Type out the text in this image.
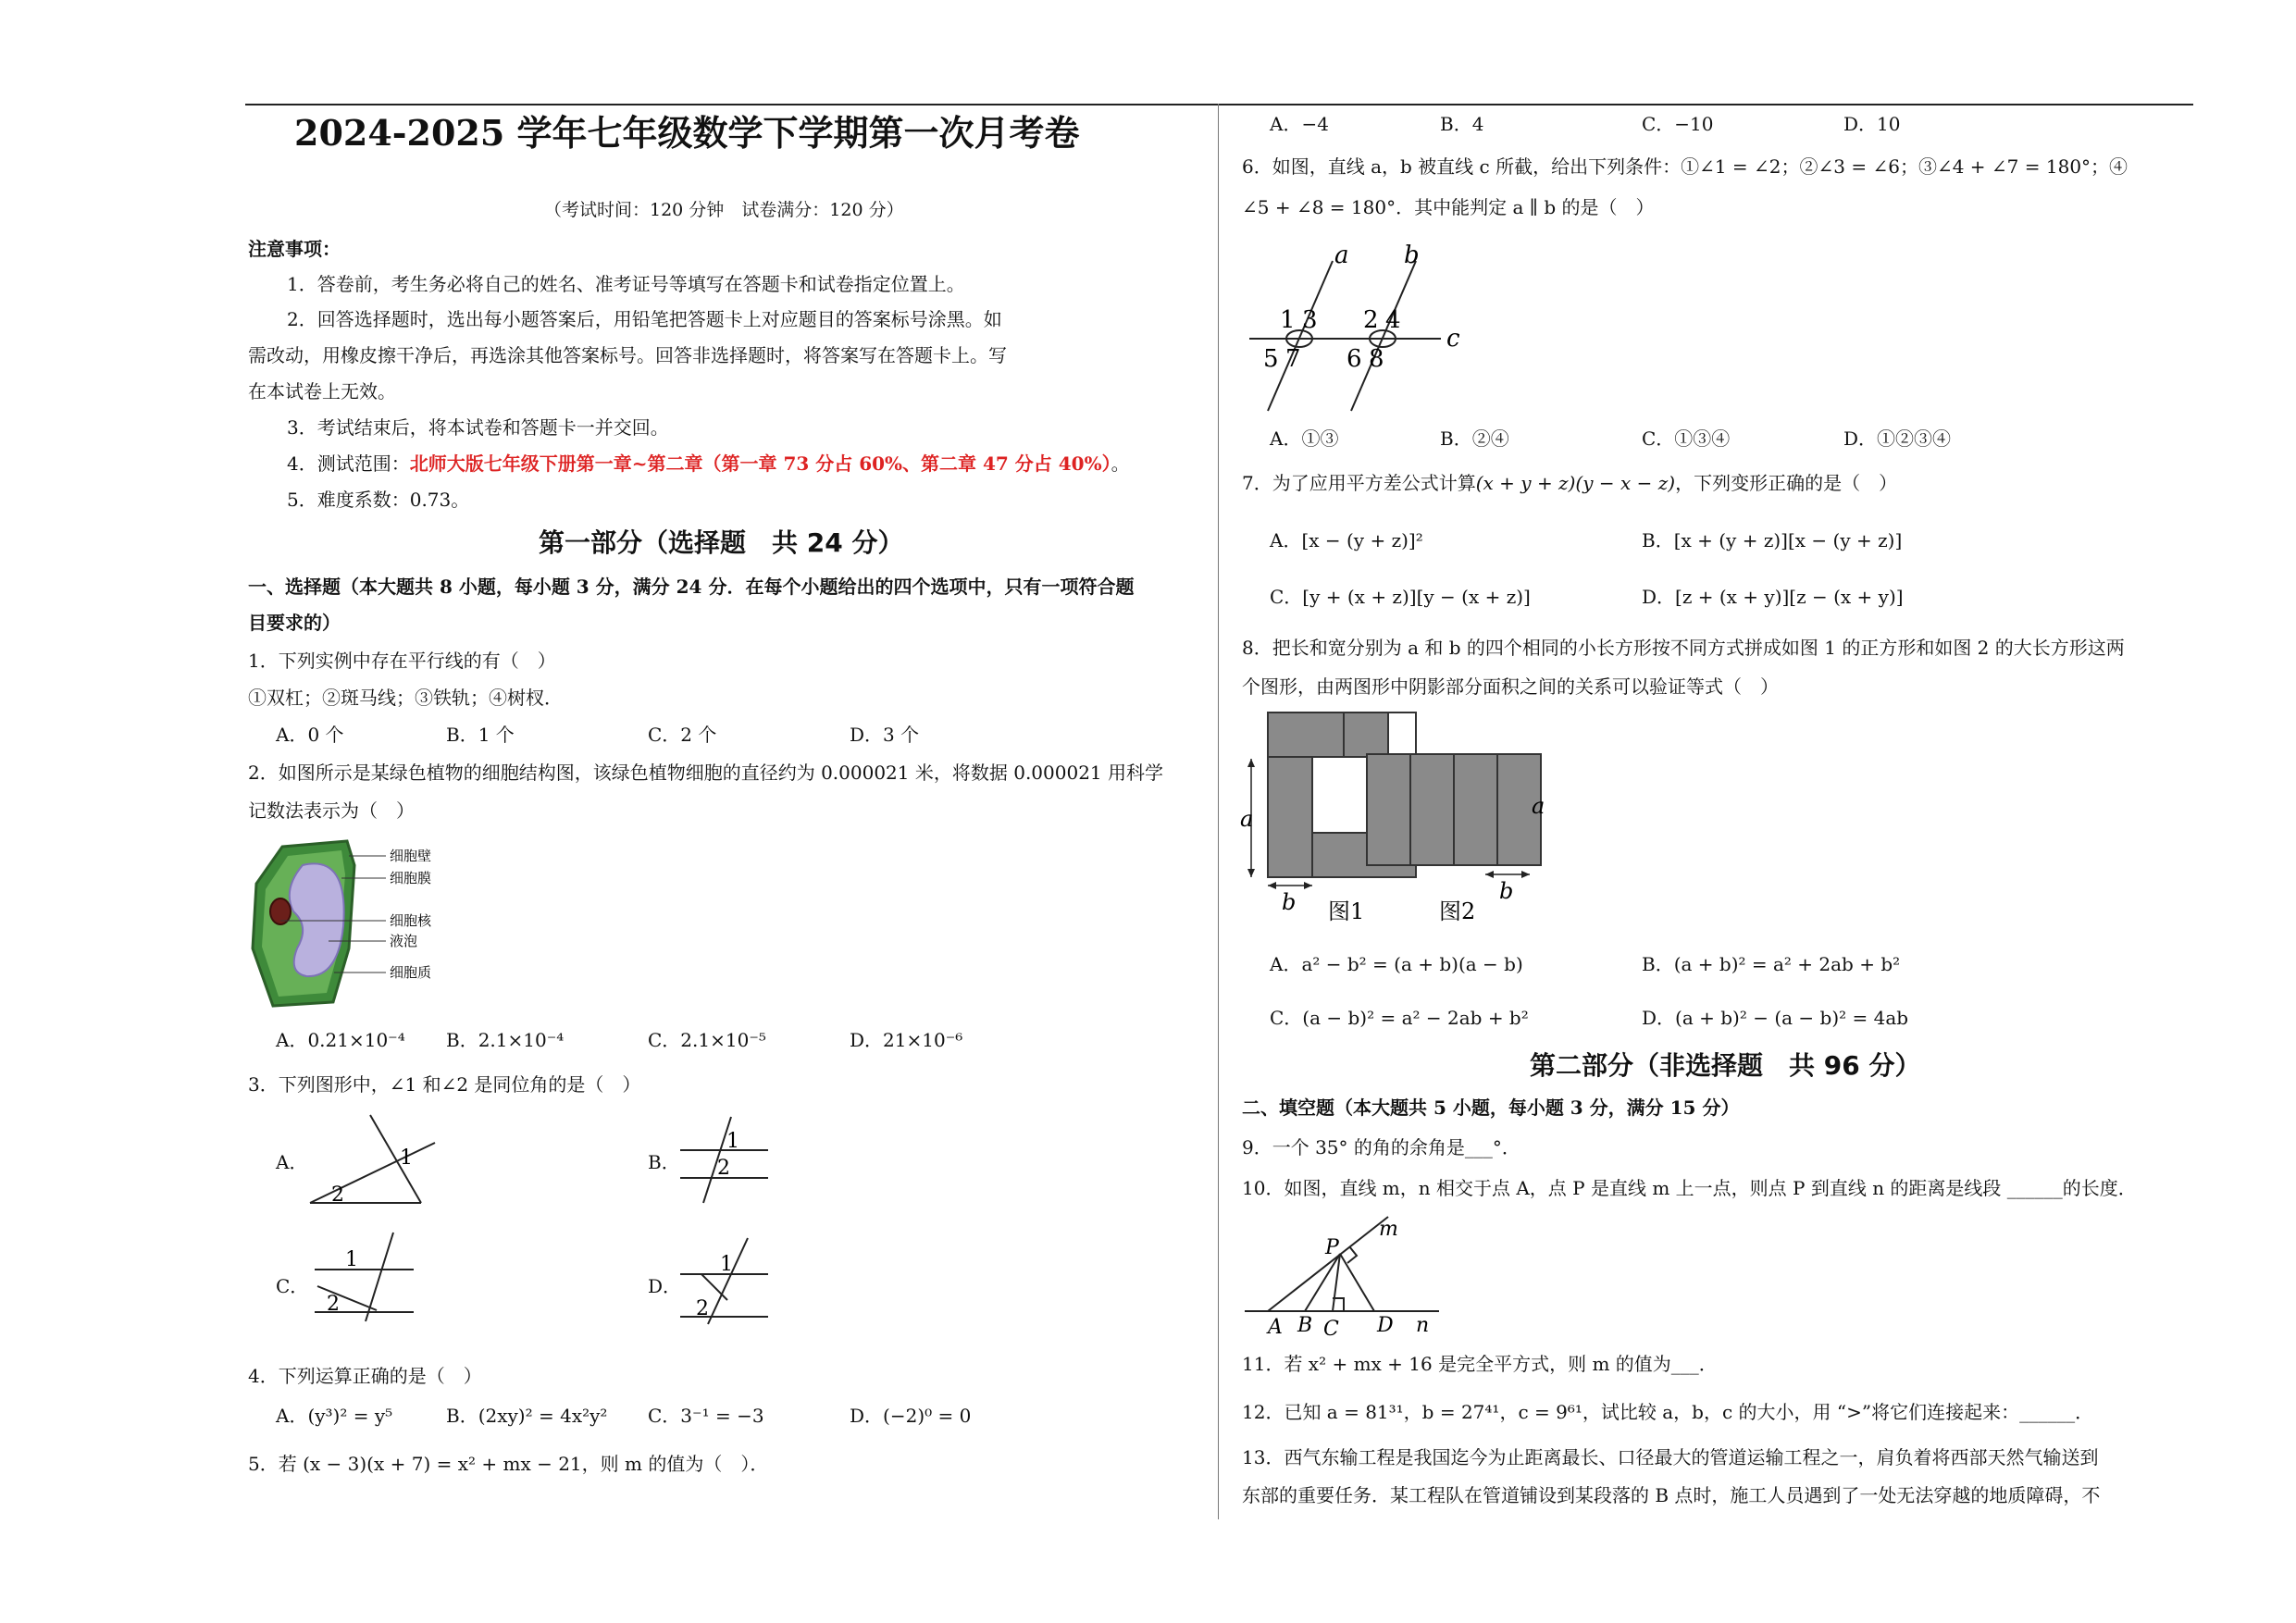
2024-2025 学年七年级数学下学期第一次月考卷
（考试时间：120 分钟　试卷满分：120 分）
注意事项：
1．答卷前，考生务必将自己的姓名、准考证号等填写在答题卡和试卷指定位置上。
2．回答选择题时，选出每小题答案后，用铅笔把答题卡上对应题目的答案标号涂黑。如
需改动，用橡皮擦干净后，再选涂其他答案标号。回答非选择题时，将答案写在答题卡上。写
在本试卷上无效。
3．考试结束后，将本试卷和答题卡一并交回。
4．测试范围：北师大版七年级下册第一章~第二章（第一章 73 分占 60%、第二章 47 分占 40%）。
5．难度系数：0.73。
第一部分（选择题　共 24 分）
一、选择题（本大题共 8 小题，每小题 3 分，满分 24 分．在每个小题给出的四个选项中，只有一项符合题
目要求的）
1．下列实例中存在平行线的有（　）
①双杠；②斑马线；③铁轨；④树杈．
A．0 个	B．1 个	C．2 个	D．3 个
2．如图所示是某绿色植物的细胞结构图，该绿色植物细胞的直径约为 0.000021 米，将数据 0.000021 用科学
记数法表示为（　）
细胞壁
细胞膜
细胞核
液泡
细胞质
A．0.21×10⁻⁴ B．2.1×10⁻⁴	C．2.1×10⁻⁵	D．21×10⁻⁶
3．下列图形中，∠1 和∠2 是同位角的是（　）
A．	1
2
B．
1
2
C．
1
2
D．
1
2
4．下列运算正确的是（　）
A．(y³)² = y⁵	B．(2xy)² = 4x²y² C．3⁻¹ = −3	D．(−2)⁰ = 0
5．若 (x − 3)(x + 7) = x² + mx − 21，则 m 的值为（　）．
A．−4	B．4	C．−10	D．10
6．如图，直线 a，b 被直线 c 所截，给出下列条件：①∠1 = ∠2；②∠3 = ∠6；③∠4 + ∠7 = 180°；④
∠5 + ∠8 = 180°．其中能判定 a ∥ b 的是（　）
a b
c
1 3
5 7
2 4
6 8
A．①③	B．②④	C．①③④	D．①②③④
7．为了应用平方差公式计算(x + y + z)(y − x − z)，下列变形正确的是（　）
A．[x − (y + z)]²	B．[x + (y + z)][x − (y + z)]
C．[y + (x + z)][y − (x + z)]	D．[z + (x + y)][z − (x + y)]
8．把长和宽分别为 a 和 b 的四个相同的小长方形按不同方式拼成如图 1 的正方形和如图 2 的大长方形这两
个图形，由两图形中阴影部分面积之间的关系可以验证等式（　）
a
b
a
b
图1	图2
A．a² − b² = (a + b)(a − b)	B．(a + b)² = a² + 2ab + b²
C．(a − b)² = a² − 2ab + b²	D．(a + b)² − (a − b)² = 4ab
第二部分（非选择题　共 96 分）
二、填空题（本大题共 5 小题，每小题 3 分，满分 15 分）
9．一个 35° 的角的余角是___°．
10．如图，直线 m，n 相交于点 A，点 P 是直线 m 上一点，则点 P 到直线 n 的距离是线段 ______的长度．
P
m
A B C D n
11．若 x² + mx + 16 是完全平方式，则 m 的值为___．
12．已知 a = 81³¹，b = 27⁴¹，c = 9⁶¹，试比较 a，b，c 的大小，用 “>”将它们连接起来：______．
13．西气东输工程是我国迄今为止距离最长、口径最大的管道运输工程之一，肩负着将西部天然气输送到
东部的重要任务．某工程队在管道铺设到某段落的 B 点时，施工人员遇到了一处无法穿越的地质障碍，不
